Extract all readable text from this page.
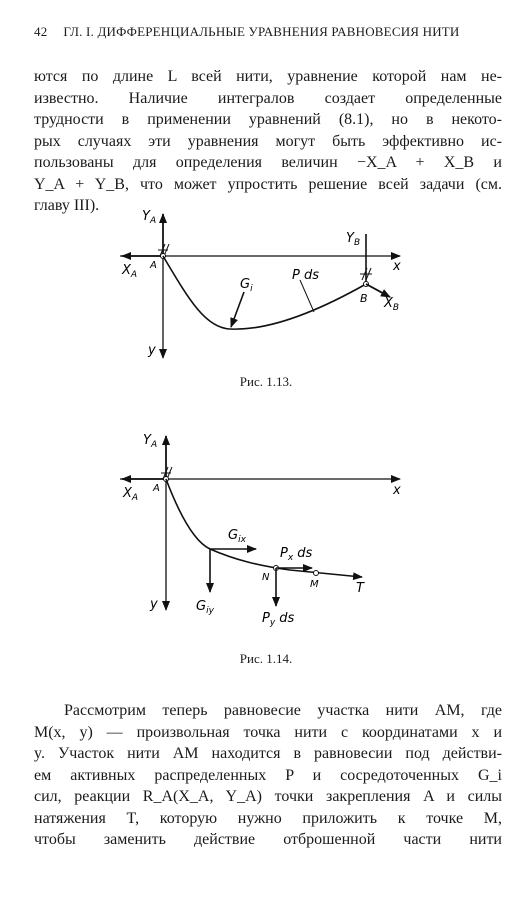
42 ГЛ. I. ДИФФЕРЕНЦИАЛЬНЫЕ УРАВНЕНИЯ РАВНОВЕСИЯ НИТИ
ются по длине L всей нити, уравнение которой нам не-
известно. Наличие интегралов создает определенные
трудности в применении уравнений (8.1), но в некото-
рых случаях эти уравнения могут быть эффективно ис-
пользованы для определения величин −X_A + X_B и
Y_A + Y_B, что может упростить решение всей задачи (см.
главу III).
$Y_A$
$X_A$
A
y
x
$G_i$
P ds
$Y_B$
B $X_B$
Рис. 1.13.
$Y_A$
$X_A$
A
y
x
$G_{ix}$
$G_{iy}$
$P_x$ ds
$P_y$ ds
N
M	T
Рис. 1.14.
Рассмотрим теперь равновесие участка нити AM, где
M(x, y) — произвольная точка нити с координатами x и
y. Участок нити AM находится в равновесии под действи-
ем активных распределенных P и сосредоточенных G_i
сил, реакции R_A(X_A, Y_A) точки закрепления A и силы
натяжения T, которую нужно приложить к точке M,
чтобы заменить действие отброшенной части нити
